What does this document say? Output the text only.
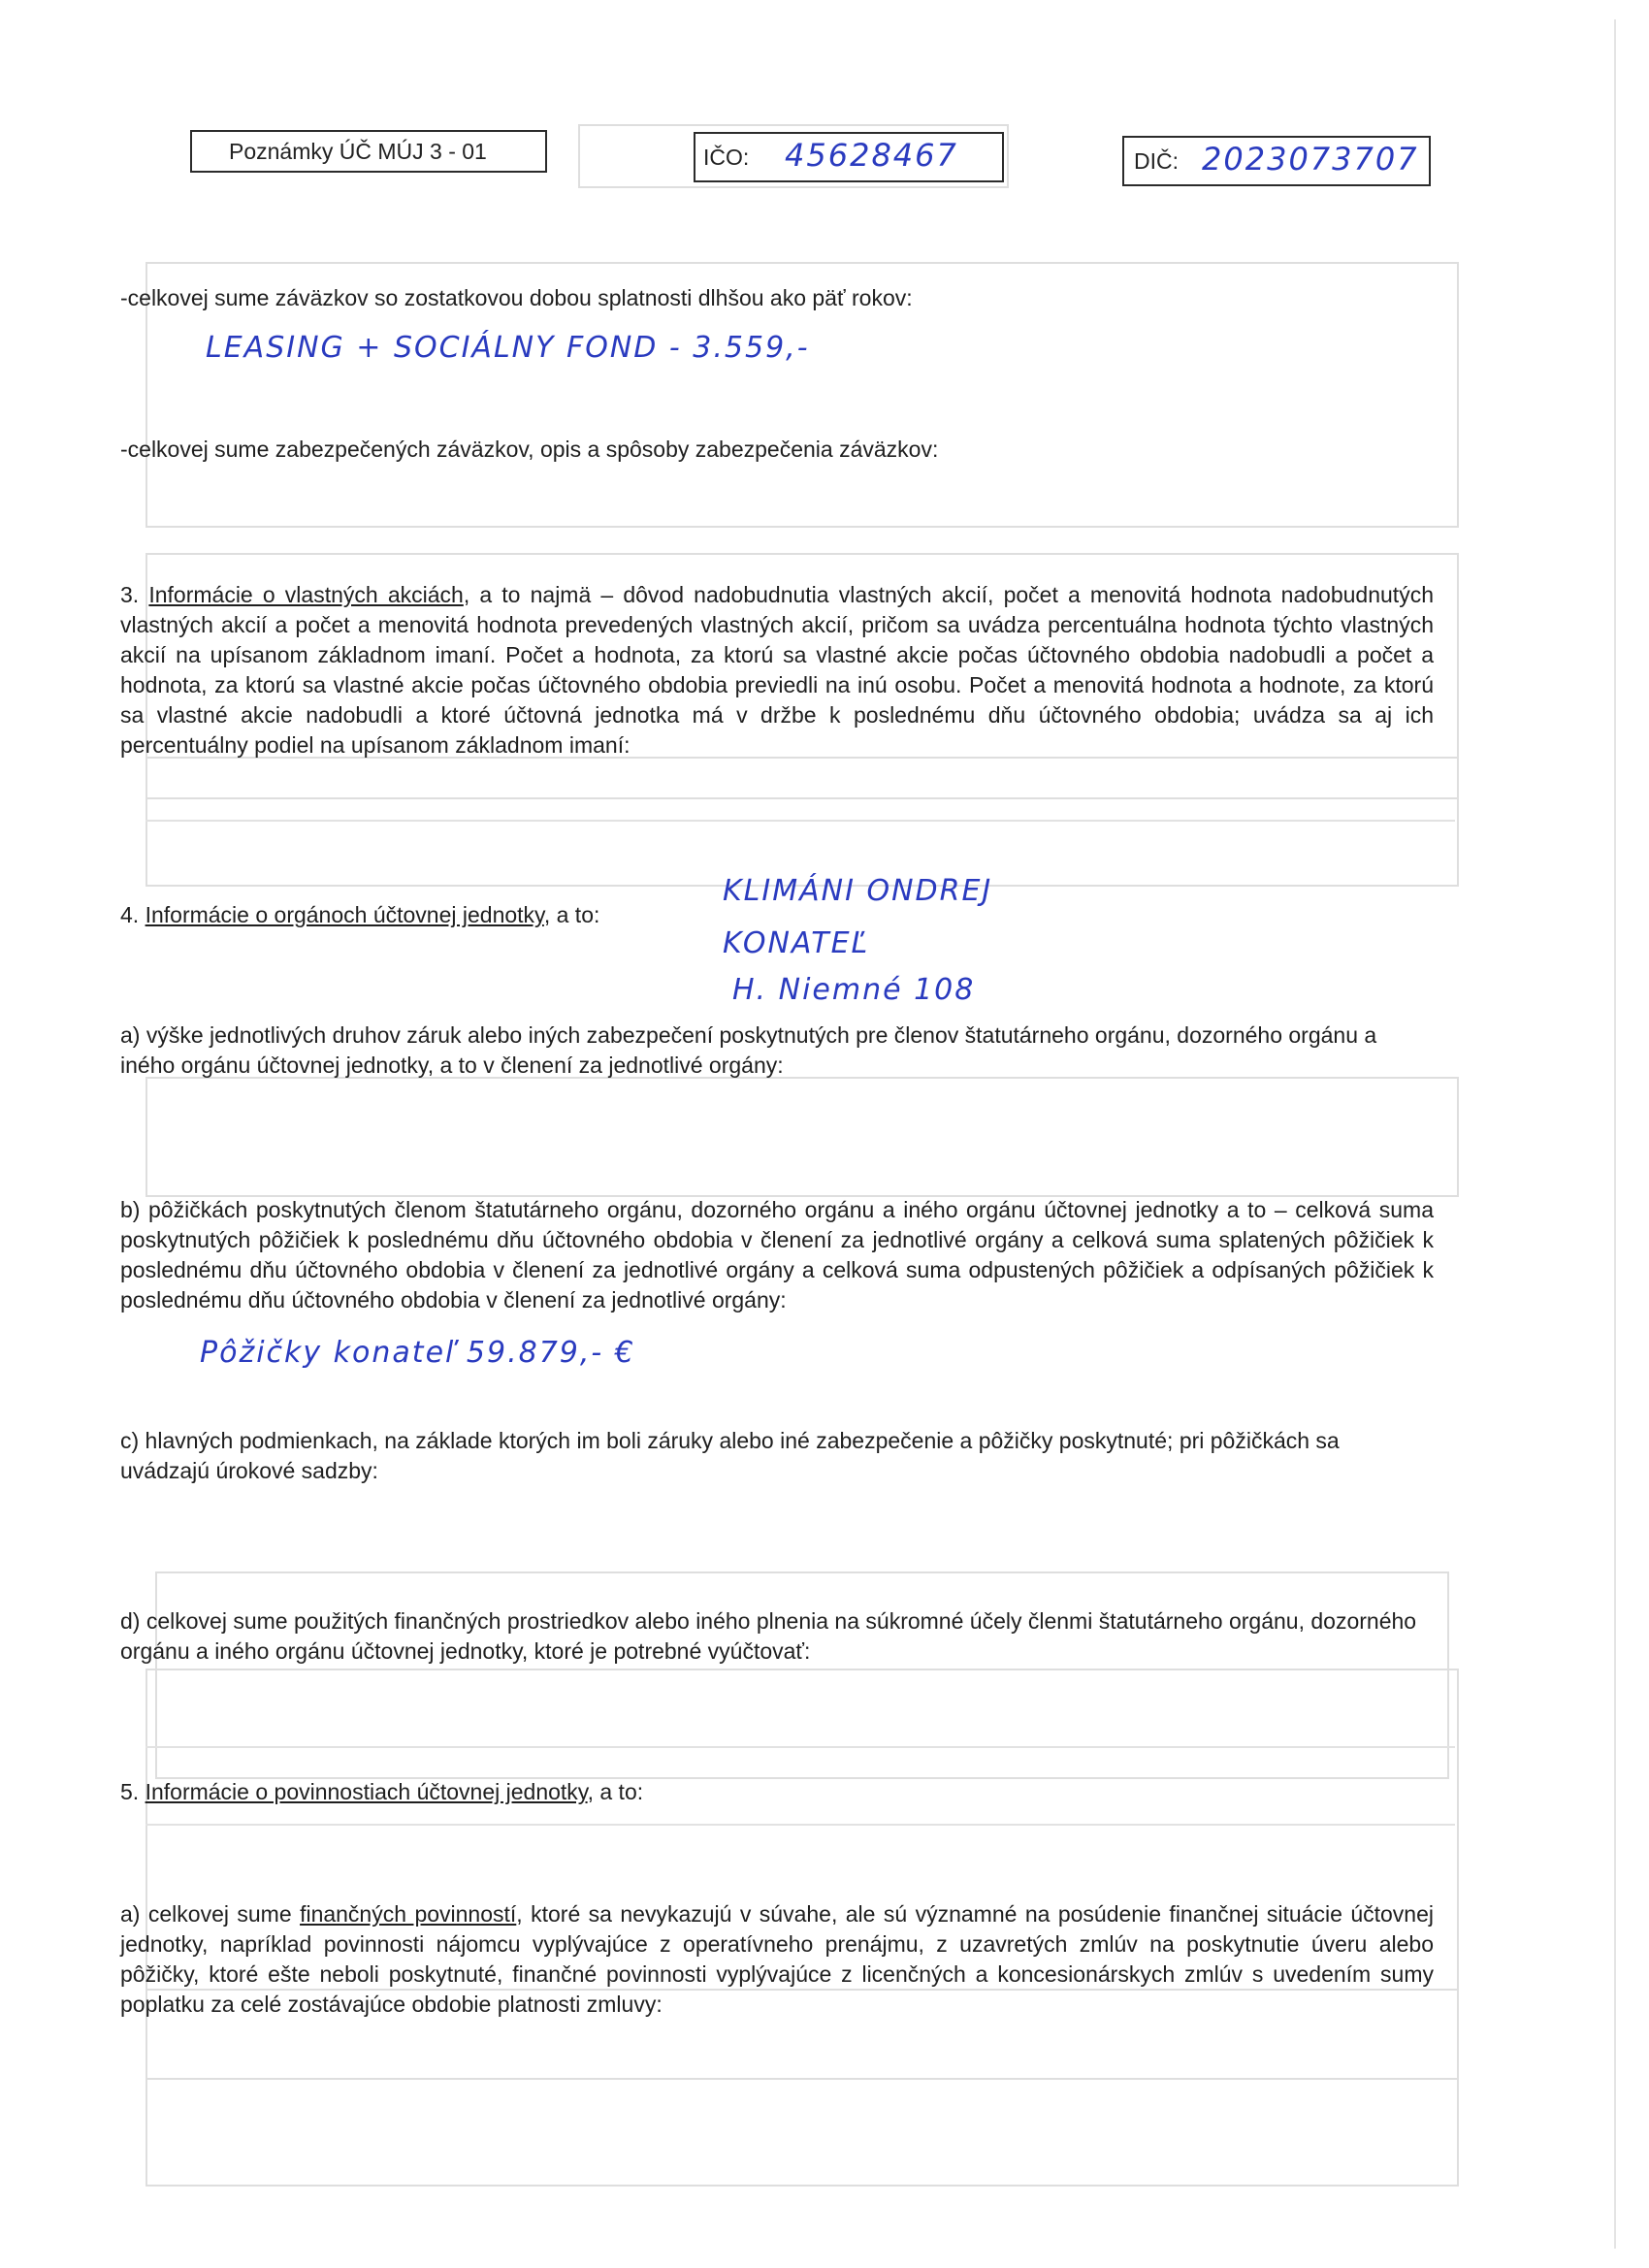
Poznámky ÚČ MÚJ 3 - 01	IČO: 45628467	DIČ: 2023073707
-celkovej sume záväzkov so zostatkovou dobou splatnosti dlhšou ako päť rokov:
LEASING + SOCIÁLNY FOND - 3.559,-
-celkovej sume zabezpečených záväzkov, opis a spôsoby zabezpečenia záväzkov:
3. Informácie o vlastných akciách, a to najmä – dôvod nadobudnutia vlastných akcií, počet a menovitá hodnota nadobudnutých vlastných akcií a počet a menovitá hodnota prevedených vlastných akcií, pričom sa uvádza percentuálna hodnota týchto vlastných akcií na upísanom základnom imaní. Počet a hodnota, za ktorú sa vlastné akcie počas účtovného obdobia nadobudli a počet a hodnota, za ktorú sa vlastné akcie počas účtovného obdobia previedli na inú osobu. Počet a menovitá hodnota a hodnote, za ktorú sa vlastné akcie nadobudli a ktoré účtovná jednotka má v držbe k poslednému dňu účtovného obdobia; uvádza sa aj ich percentuálny podiel na upísanom základnom imaní:
4. Informácie o orgánoch účtovnej jednotky, a to:
KLIMÁNI ONDREJ
KONATEĽ
H. Niemné 108
a) výške jednotlivých druhov záruk alebo iných zabezpečení poskytnutých pre členov štatutárneho orgánu, dozorného orgánu a iného orgánu účtovnej jednotky, a to v členení za jednotlivé orgány:
b) pôžičkách poskytnutých členom štatutárneho orgánu, dozorného orgánu a iného orgánu účtovnej jednotky a to – celková suma poskytnutých pôžičiek k poslednému dňu účtovného obdobia v členení za jednotlivé orgány a celková suma splatených pôžičiek k poslednému dňu účtovného obdobia v členení za jednotlivé orgány a celková suma odpustených pôžičiek a odpísaných pôžičiek k poslednému dňu účtovného obdobia v členení za jednotlivé orgány:
Pôžičky konateľ 59.879,- €
c) hlavných podmienkach, na základe ktorých im boli záruky alebo iné zabezpečenie a pôžičky poskytnuté; pri pôžičkách sa uvádzajú úrokové sadzby:
d) celkovej sume použitých finančných prostriedkov alebo iného plnenia na súkromné účely členmi štatutárneho orgánu, dozorného orgánu a iného orgánu účtovnej jednotky, ktoré je potrebné vyúčtovať:
5. Informácie o povinnostiach účtovnej jednotky, a to:
a) celkovej sume finančných povinností, ktoré sa nevykazujú v súvahe, ale sú významné na posúdenie finančnej situácie účtovnej jednotky, napríklad povinnosti nájomcu vyplývajúce z operatívneho prenájmu, z uzavretých zmlúv na poskytnutie úveru alebo pôžičky, ktoré ešte neboli poskytnuté, finančné povinnosti vyplývajúce z licenčných a koncesionárskych zmlúv s uvedením sumy poplatku za celé zostávajúce obdobie platnosti zmluvy:
